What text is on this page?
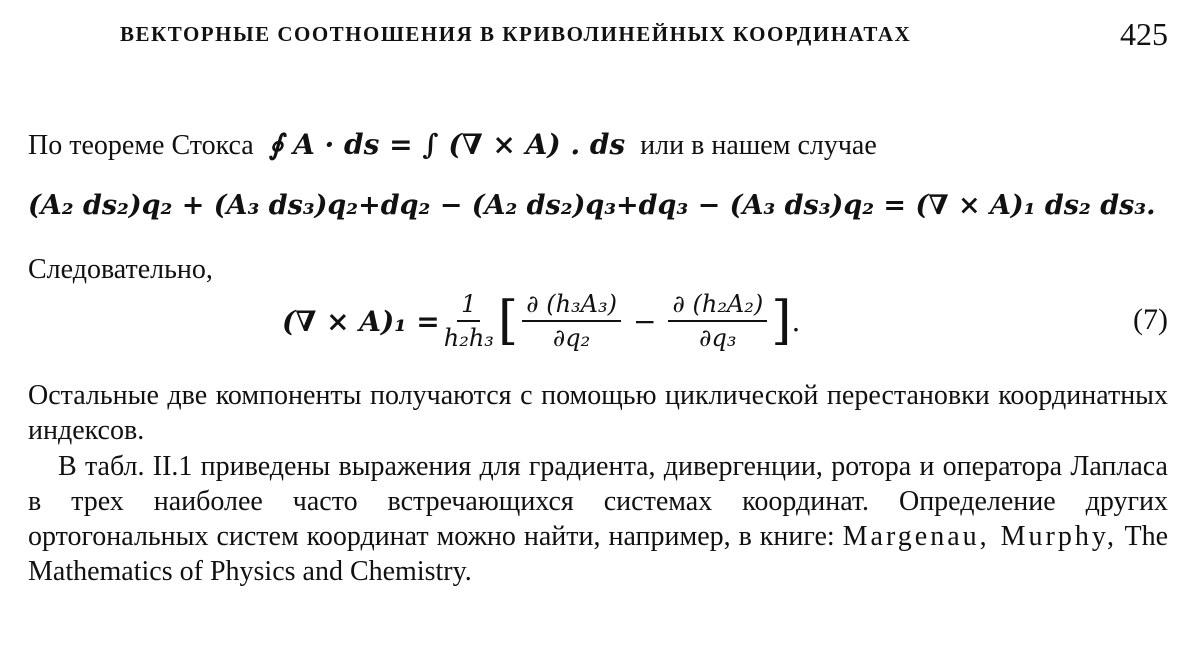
ВЕКТОРНЫЕ СООТНОШЕНИЯ В КРИВОЛИНЕЙНЫХ КООРДИНАТАХ	425
По теореме Стокса ∮ A · ds = ∫ (∇ × A) . ds или в нашем случае
(A₂ ds₂)q₂ + (A₃ ds₃)q₂+dq₂ − (A₂ ds₂)q₃+dq₃ − (A₃ ds₃)q₂ = (∇ × A)₁ ds₂ ds₃.
Следовательно,
(∇ × $A)_1 = \frac{1}{\text{h₂h₃}}$ [ $\frac{\text{∂ (h₃A₃)}}{\text{∂q₂}} - \frac{\text{∂ (h₂A₂)}}{\text{∂q₃}}$ ] .	(7)
Остальные две компоненты получаются с помощью циклической перестановки координатных индексов.
В табл. II.1 приведены выражения для градиента, дивергенции, ротора и оператора Лапласа в трех наиболее часто встречающихся системах координат. Определение других ортогональных систем координат можно найти, например, в книге: Margenau, Murphy, The Mathematics of Physics and Chemistry.
